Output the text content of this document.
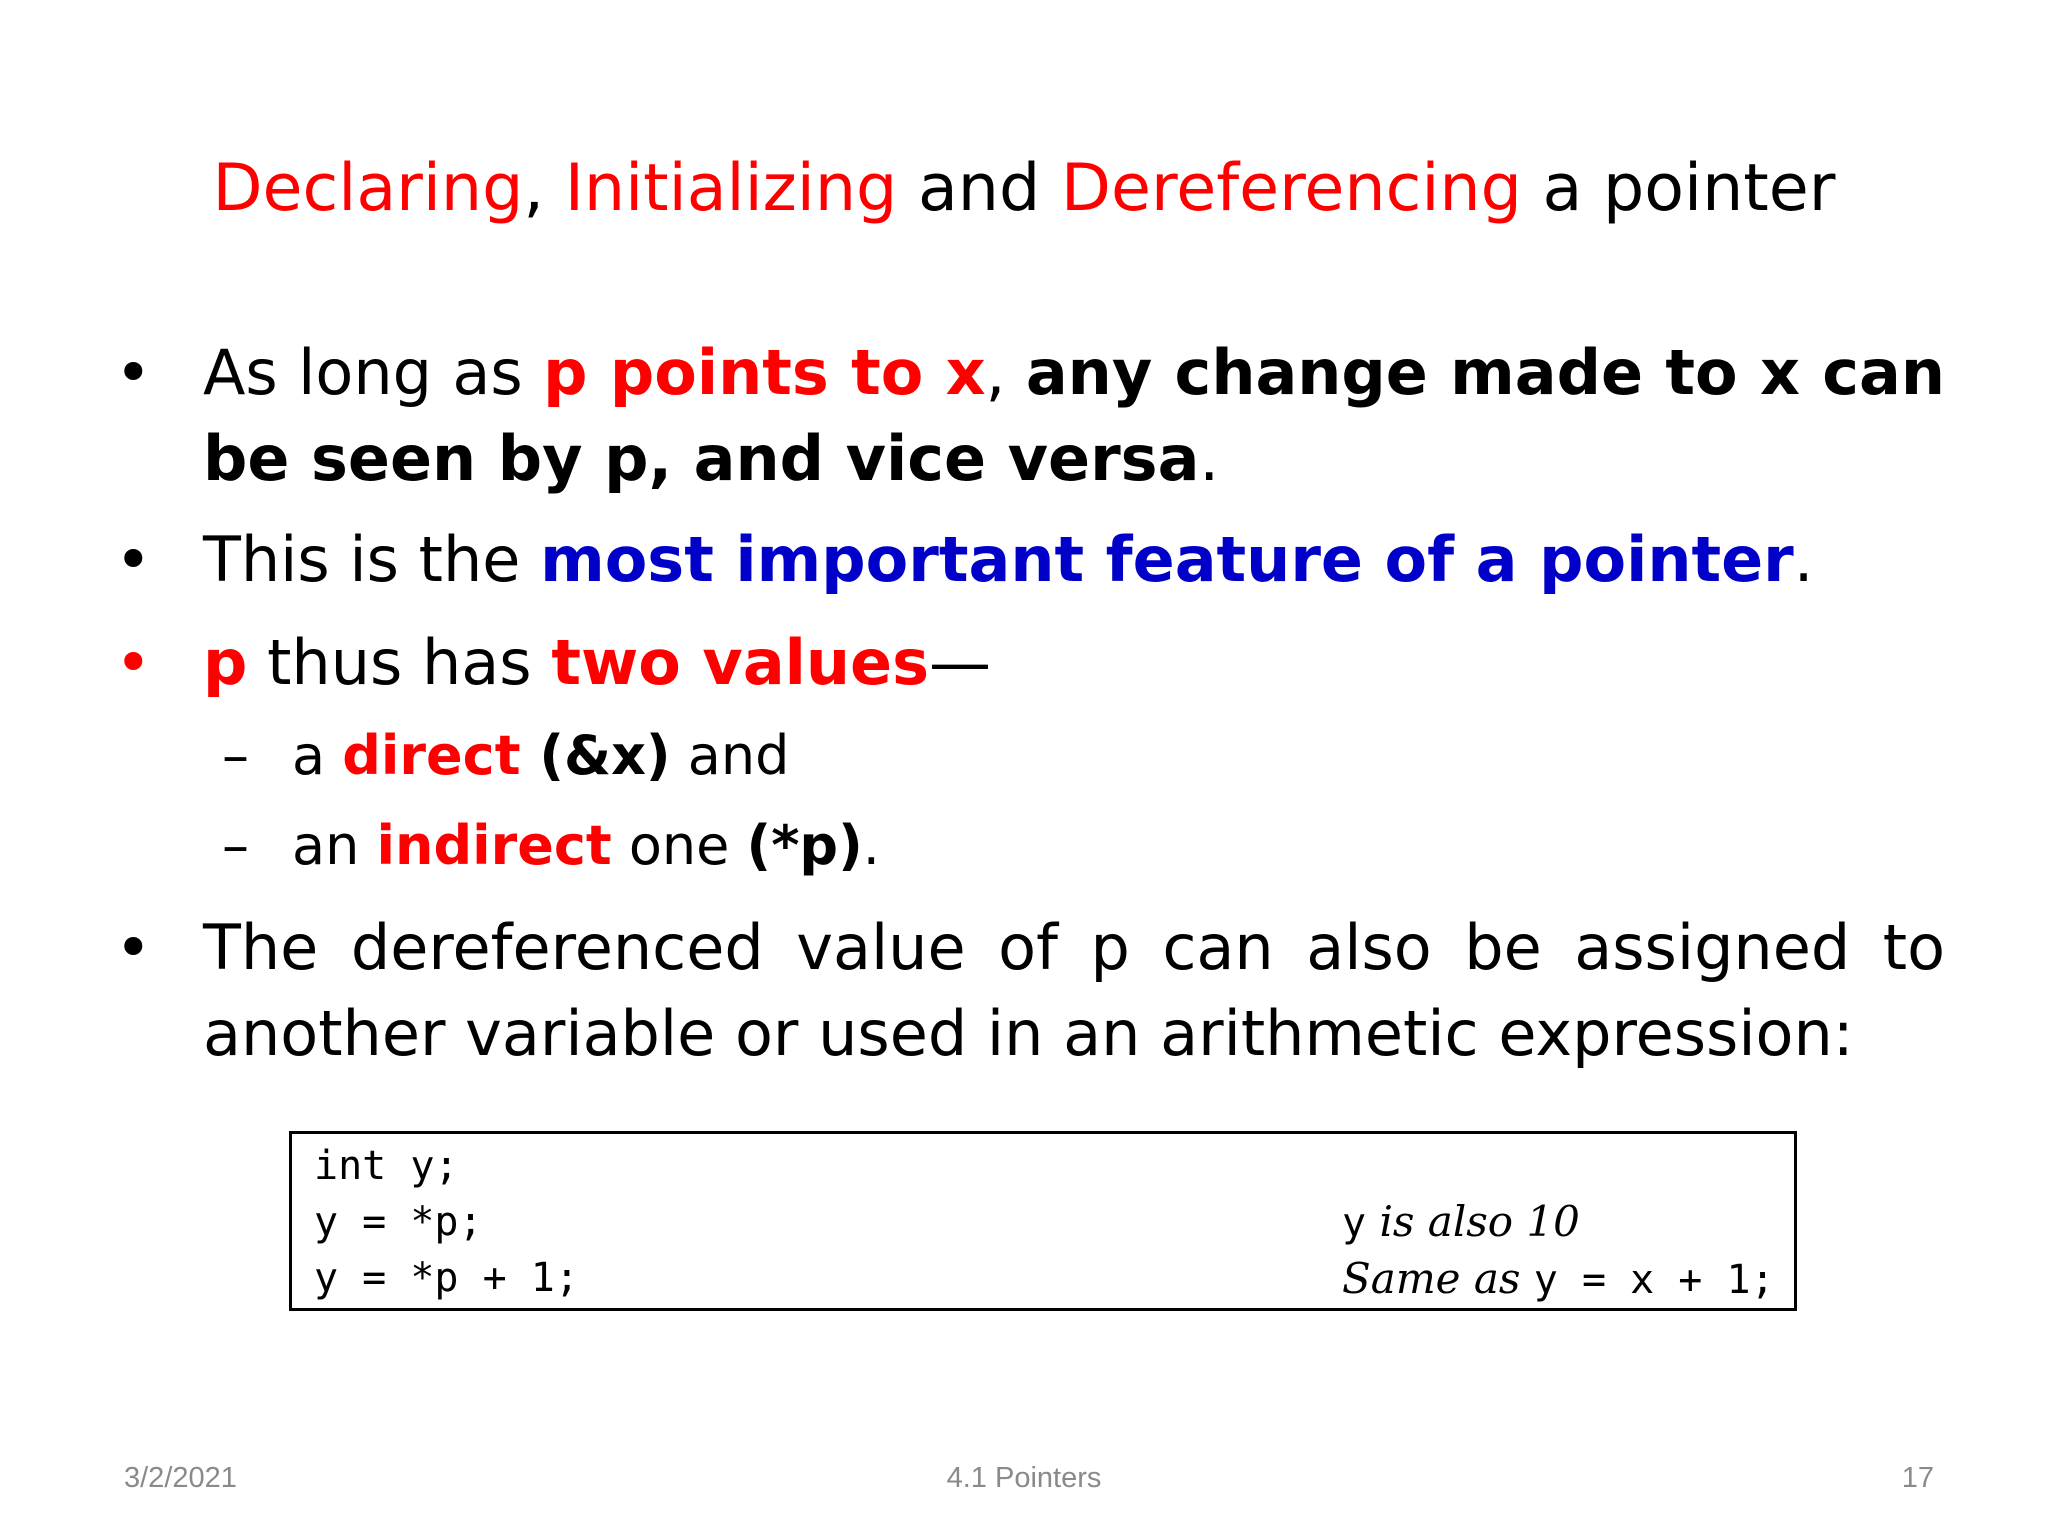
Declaring, Initializing and Dereferencing a pointer
• As long as p points to x, any change made to x can be seen by p, and vice versa.
• This is the most important feature of a pointer.
• p thus has two values—
– a direct (&x) and
– an indirect one (*p).
• The dereferenced value of p can also be assigned to another variable or used in an arithmetic expression:
int y;
y = *p;
y = *p + 1;
y is also 10
Same as y = x + 1;
3/2/2021	4.1 Pointers	17
